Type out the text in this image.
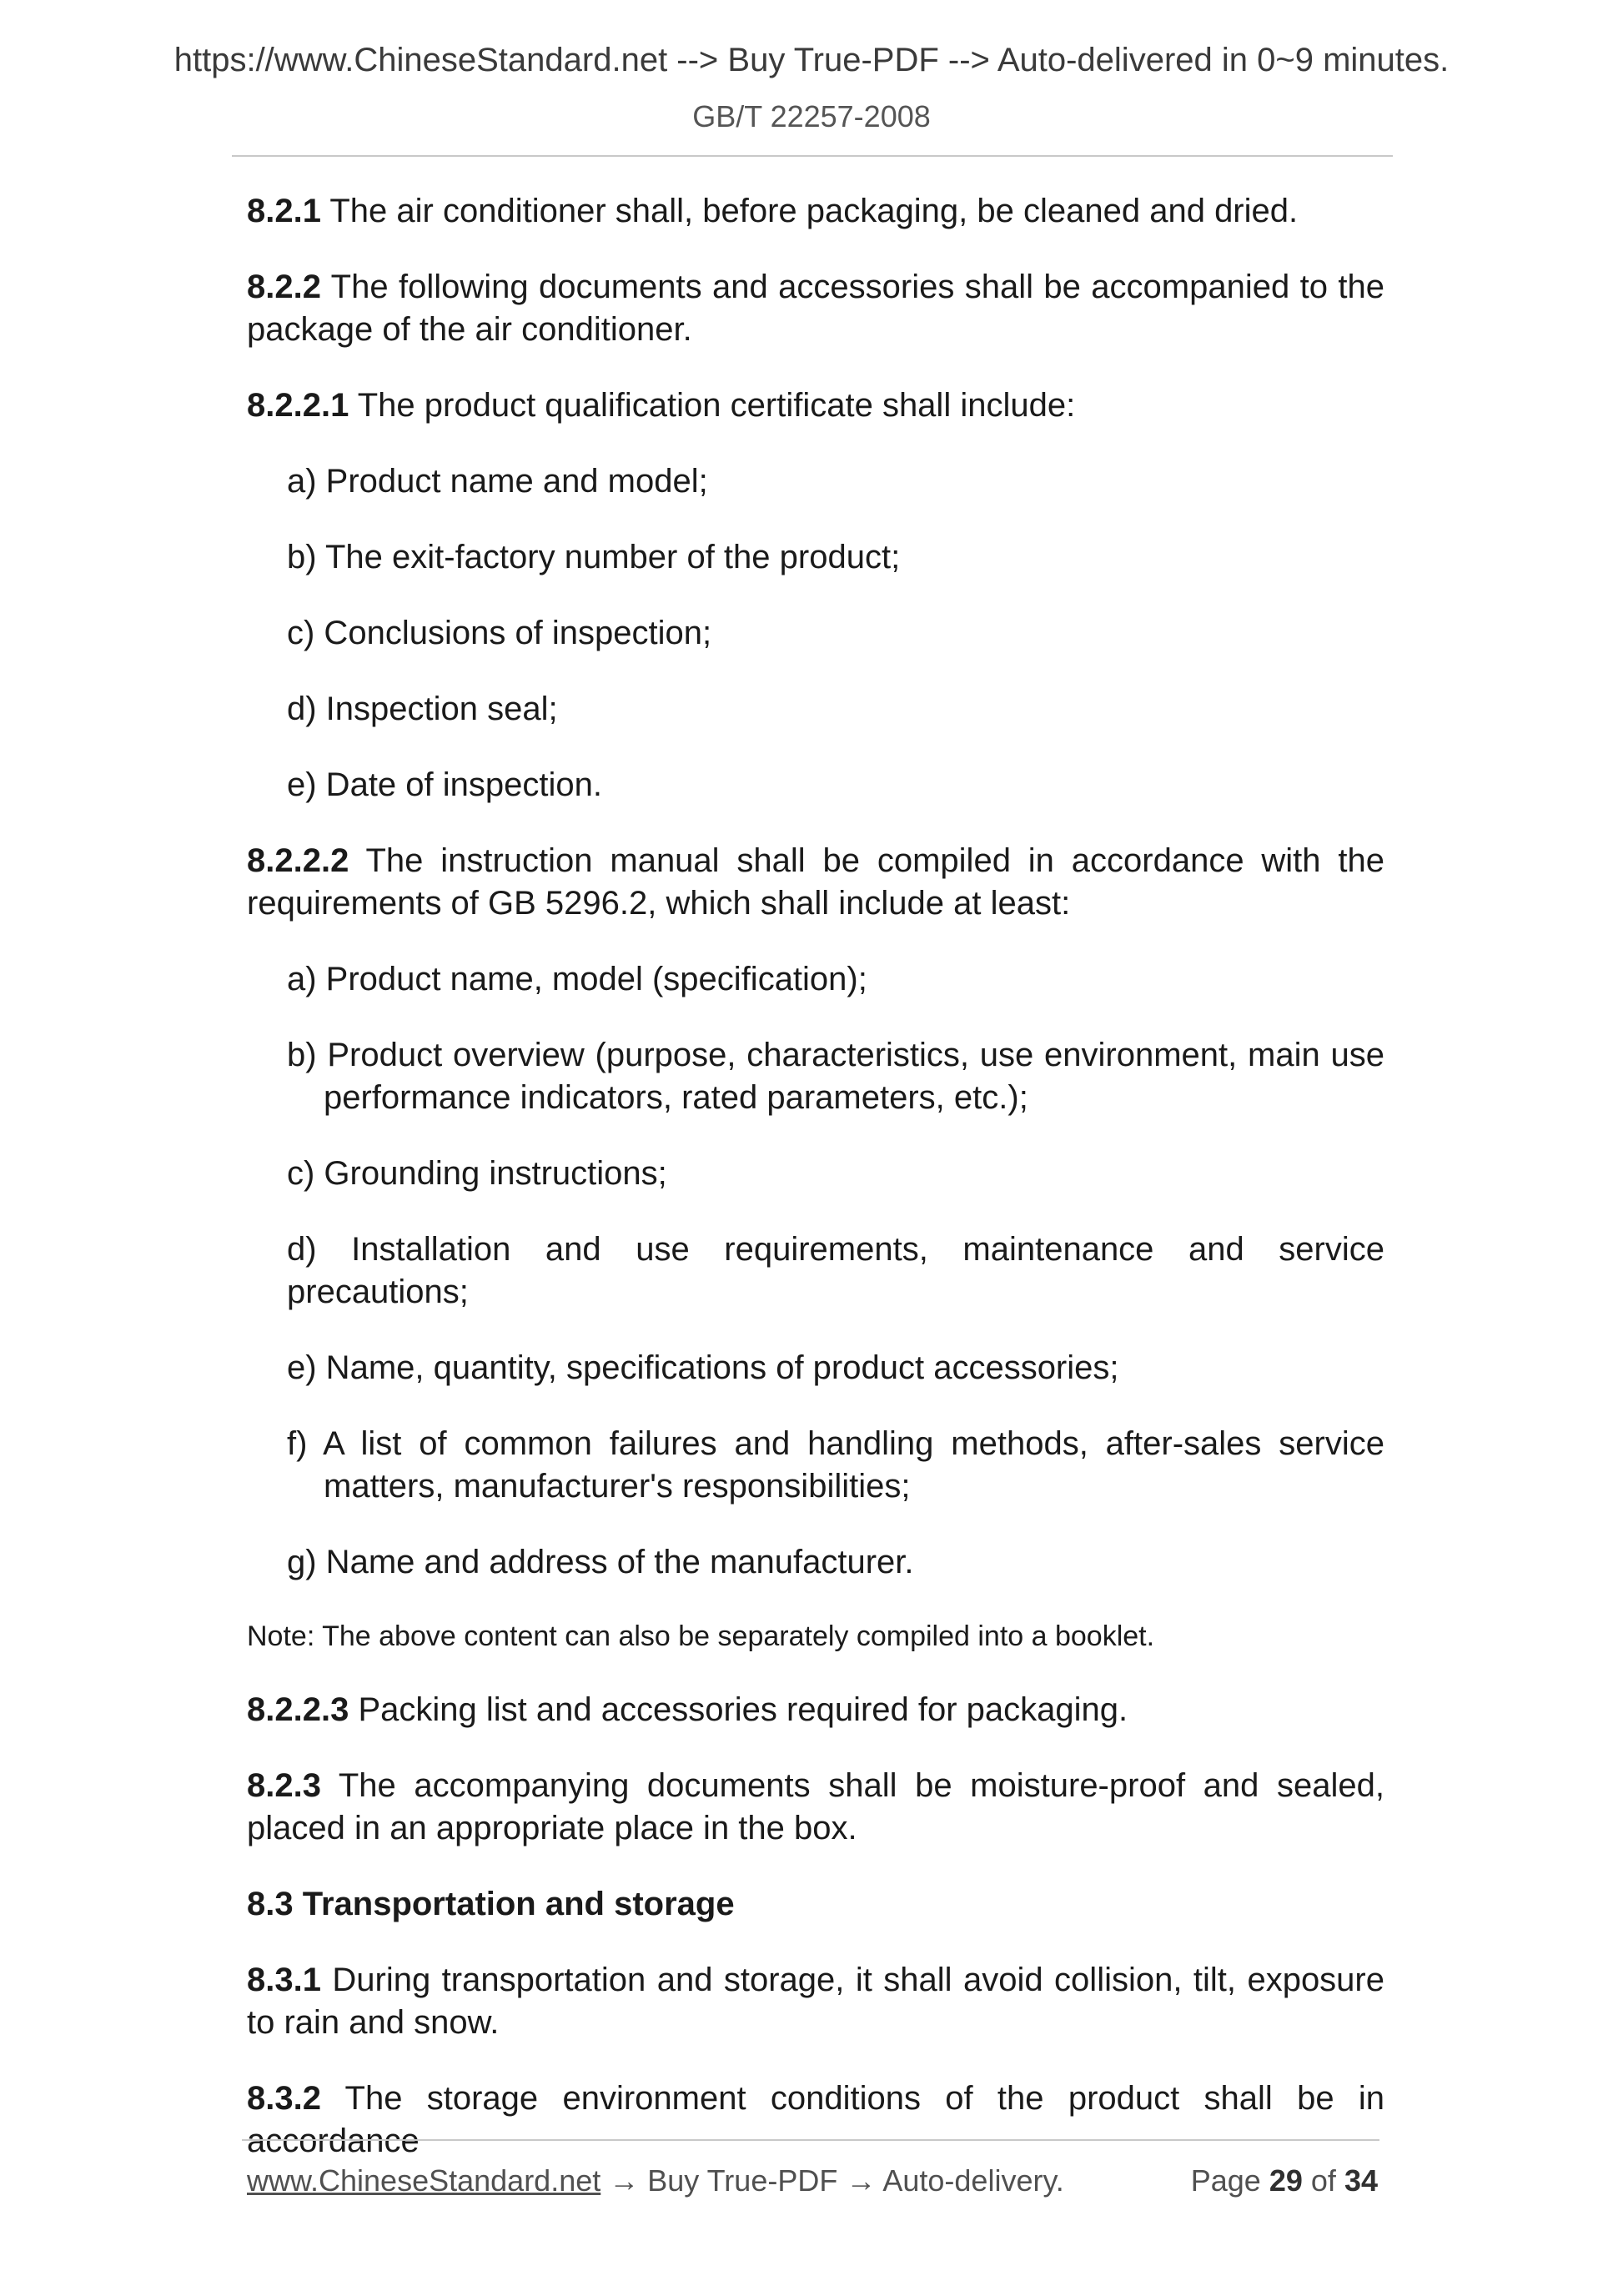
https://www.ChineseStandard.net --> Buy True-PDF --> Auto-delivered in 0~9 minutes.
GB/T 22257-2008

8.2.1 The air conditioner shall, before packaging, be cleaned and dried.

8.2.2 The following documents and accessories shall be accompanied to the package of the air conditioner.

8.2.2.1 The product qualification certificate shall include:

a) Product name and model;

b) The exit-factory number of the product;

c) Conclusions of inspection;

d) Inspection seal;

e) Date of inspection.

8.2.2.2 The instruction manual shall be compiled in accordance with the requirements of GB 5296.2, which shall include at least:

a) Product name, model (specification);

b) Product overview (purpose, characteristics, use environment, main use performance indicators, rated parameters, etc.);

c) Grounding instructions;

d) Installation and use requirements, maintenance and service precautions;

e) Name, quantity, specifications of product accessories;

f) A list of common failures and handling methods, after-sales service matters, manufacturer's responsibilities;

g) Name and address of the manufacturer.

Note: The above content can also be separately compiled into a booklet.

8.2.2.3 Packing list and accessories required for packaging.

8.2.3 The accompanying documents shall be moisture-proof and sealed, placed in an appropriate place in the box.

8.3 Transportation and storage

8.3.1 During transportation and storage, it shall avoid collision, tilt, exposure to rain and snow.

8.3.2 The storage environment conditions of the product shall be in accordance

www.ChineseStandard.net → Buy True-PDF → Auto-delivery.	Page 29 of 34
